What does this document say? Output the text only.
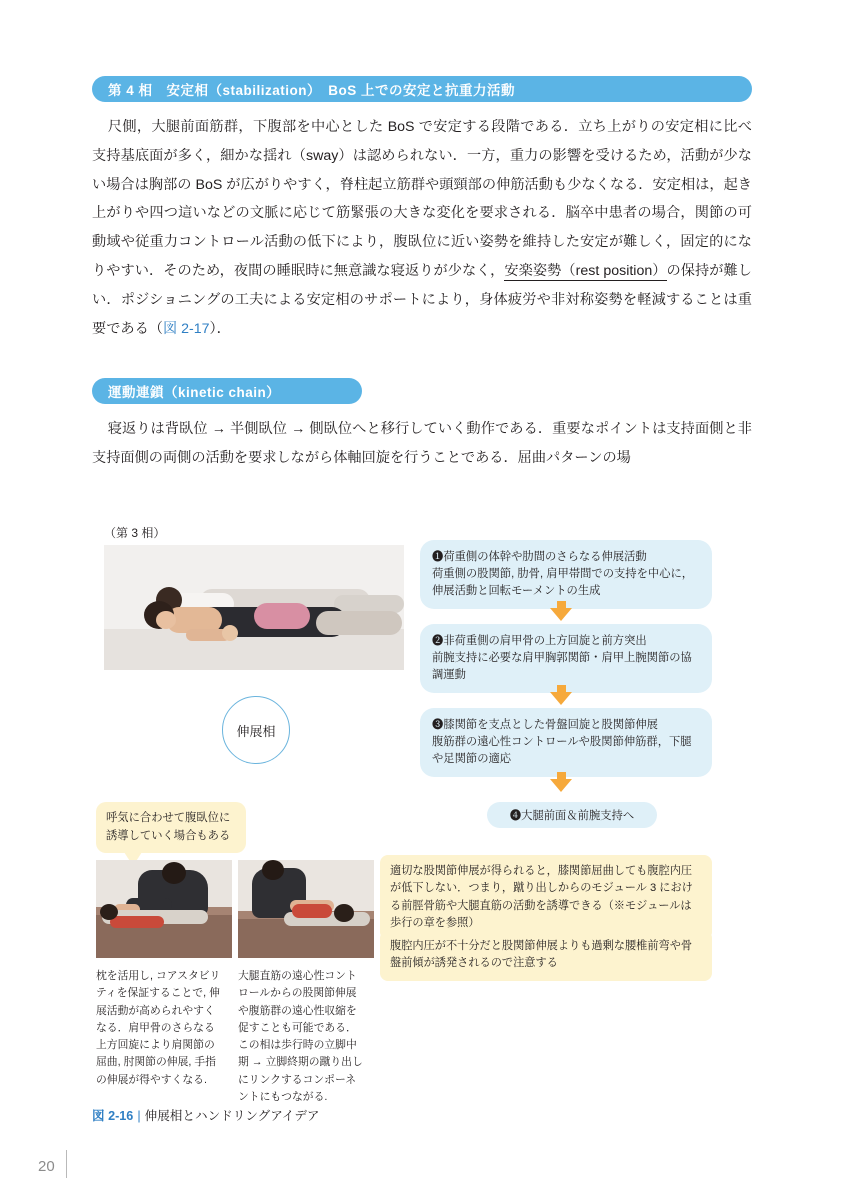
第 4 相　安定相（stabilization）　BoS 上での安定と抗重力活動
尺側，大腿前面筋群，下腹部を中心とした BoS で安定する段階である．立ち上がりの安定相に比べ支持基底面が多く，細かな揺れ（sway）は認められない．一方，重力の影響を受けるため，活動が少ない場合は胸部の BoS が広がりやすく，脊柱起立筋群や頭頸部の伸筋活動も少なくなる．安定相は，起き上がりや四つ這いなどの文脈に応じて筋緊張の大きな変化を要求される．脳卒中患者の場合，関節の可動域や従重力コントロール活動の低下により，腹臥位に近い姿勢を維持した安定が難しく，固定的になりやすい．そのため，夜間の睡眠時に無意識な寝返りが少なく，安楽姿勢（rest position）の保持が難しい．ポジショニングの工夫による安定相のサポートにより，身体疲労や非対称姿勢を軽減することは重要である（図 2-17）．
運動連鎖（kinetic chain）
寝返りは背臥位 → 半側臥位 → 側臥位へと移行していく動作である．重要なポイントは支持面側と非支持面側の両側の活動を要求しながら体軸回旋を行うことである．屈曲パターンの場
（第 3 相）
伸展相
❶荷重側の体幹や肋間のさらなる伸展活動
荷重側の股関節, 肋骨, 肩甲帯間での支持を中心に，伸展活動と回転モーメントの生成
❷非荷重側の肩甲骨の上方回旋と前方突出
前腕支持に必要な肩甲胸郭関節・肩甲上腕関節の協調運動
❸膝関節を支点とした骨盤回旋と股関節伸展
腹筋群の遠心性コントロールや股関節伸筋群，下腿や足関節の適応
❹大腿前面＆前腕支持へ
呼気に合わせて腹臥位に誘導していく場合もある
適切な股関節伸展が得られると，膝関節屈曲しても腹腔内圧が低下しない．つまり，蹴り出しからのモジュール 3 における前脛骨筋や大腿直筋の活動を誘導できる（※モジュールは歩行の章を参照）
腹腔内圧が不十分だと股関節伸展よりも過剰な腰椎前弯や骨盤前傾が誘発されるので注意する
枕を活用し, コアスタビリティを保証することで, 伸展活動が高められやすくなる．肩甲骨のさらなる上方回旋により肩関節の屈曲, 肘関節の伸展, 手指の伸展が得やすくなる.
大腿直筋の遠心性コントロールからの股関節伸展や腹筋群の遠心性収縮を促すことも可能である．この相は歩行時の立脚中期 → 立脚終期の蹴り出しにリンクするコンポーネントにもつながる.
図 2-16 | 伸展相とハンドリングアイデア
20
